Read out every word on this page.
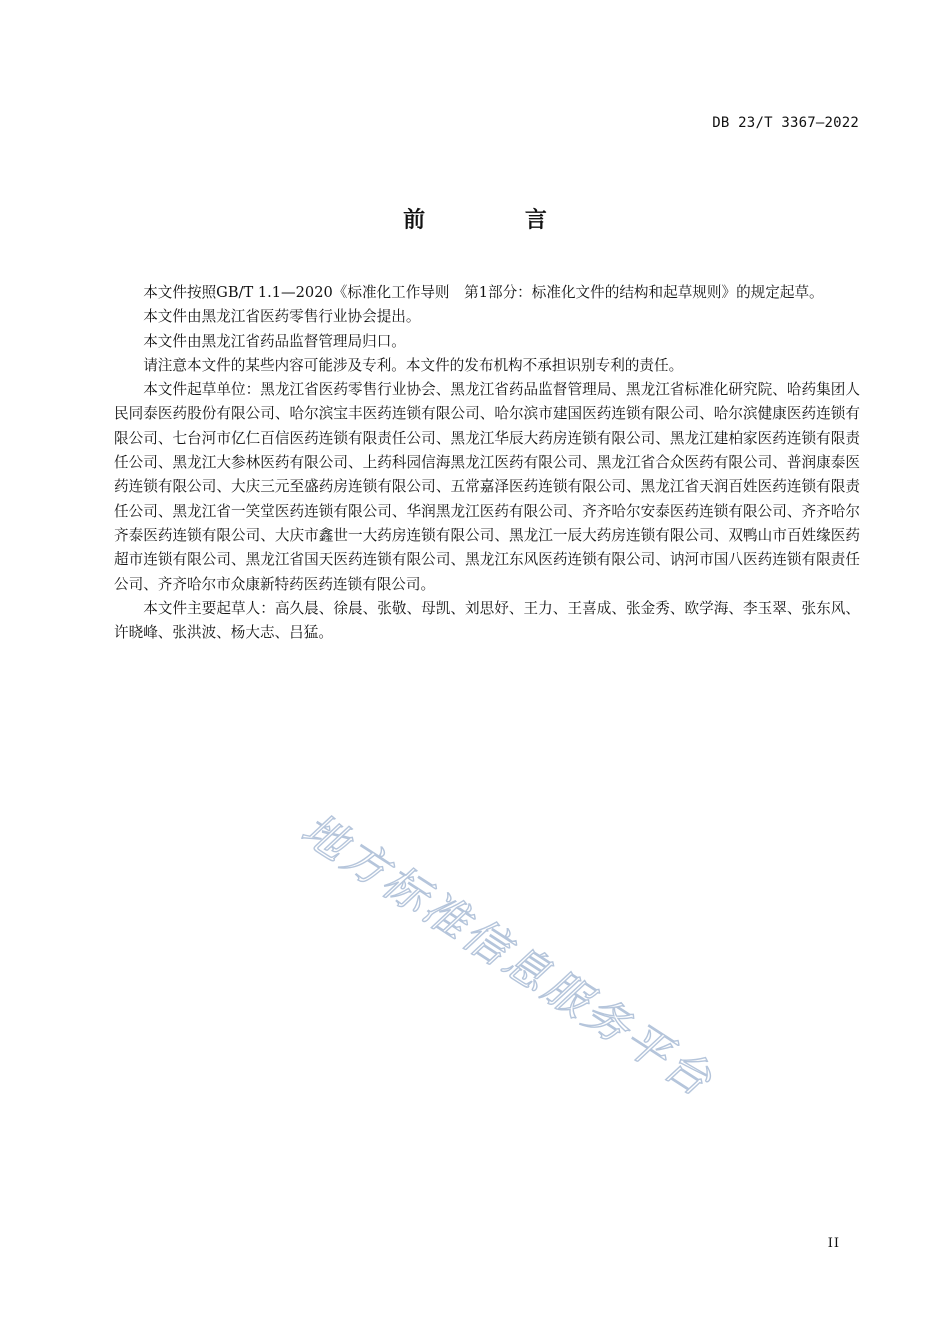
DB 23/T 3367—2022
前 言

本文件按照GB/T 1.1—2020《标准化工作导则　第1部分：标准化文件的结构和起草规则》的规定起草。

本文件由黑龙江省医药零售行业协会提出。

本文件由黑龙江省药品监督管理局归口。

请注意本文件的某些内容可能涉及专利。本文件的发布机构不承担识别专利的责任。

本文件起草单位：黑龙江省医药零售行业协会、黑龙江省药品监督管理局、黑龙江省标准化研究院、哈药集团人民同泰医药股份有限公司、哈尔滨宝丰医药连锁有限公司、哈尔滨市建国医药连锁有限公司、哈尔滨健康医药连锁有限公司、七台河市亿仁百信医药连锁有限责任公司、黑龙江华辰大药房连锁有限公司、黑龙江建柏家医药连锁有限责任公司、黑龙江大参林医药有限公司、上药科园信海黑龙江医药有限公司、黑龙江省合众医药有限公司、普润康泰医药连锁有限公司、大庆三元至盛药房连锁有限公司、五常嘉泽医药连锁有限公司、黑龙江省天润百姓医药连锁有限责任公司、黑龙江省一笑堂医药连锁有限公司、华润黑龙江医药有限公司、齐齐哈尔安泰医药连锁有限公司、齐齐哈尔齐泰医药连锁有限公司、大庆市鑫世一大药房连锁有限公司、黑龙江一辰大药房连锁有限公司、双鸭山市百姓缘医药超市连锁有限公司、黑龙江省国天医药连锁有限公司、黑龙江东风医药连锁有限公司、讷河市国八医药连锁有限责任公司、齐齐哈尔市众康新特药医药连锁有限公司。

本文件主要起草人：高久晨、徐晨、张敬、母凯、刘思妤、王力、王喜成、张金秀、欧学海、李玉翠、张东风、许晓峰、张洪波、杨大志、吕猛。

地方标准信息服务平台
II
